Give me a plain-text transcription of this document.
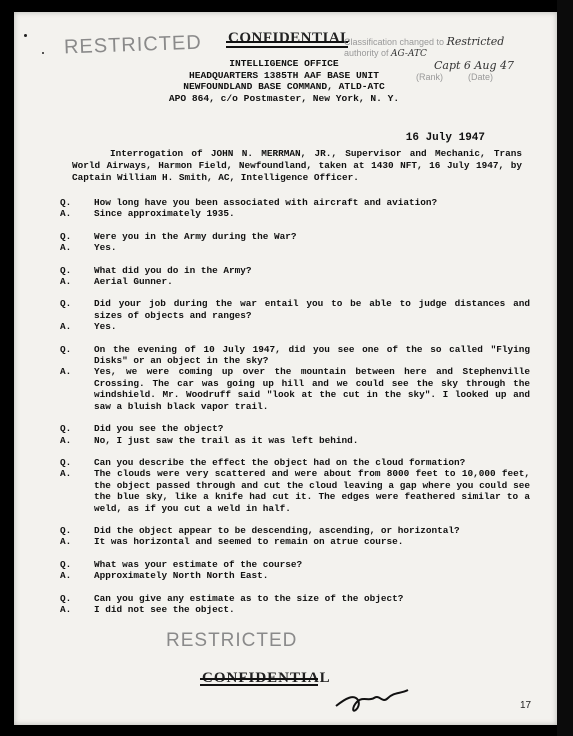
RESTRICTED CONFIDENTIAL
Classification changed to Restricted
authority of AG-ATC
Capt 6 Aug 47
(Rank)	(Date)
INTELLIGENCE OFFICE
HEADQUARTERS 1385TH AAF BASE UNIT
NEWFOUNDLAND BASE COMMAND, ATLD-ATC
APO 864, c/o Postmaster, New York, N. Y.
16 July 1947
Interrogation of JOHN N. MERRMAN, JR., Supervisor and Mechanic, Trans World Airways, Harmon Field, Newfoundland, taken at 1430 NFT, 16 July 1947, by Captain William H. Smith, AC, Intelligence Officer.
Q.	How long have you been associated with aircraft and aviation?
A.	Since approximately 1935.
Q.	Were you in the Army during the War?
A.	Yes.
Q.	What did you do in the Army?
A.	Aerial Gunner.
Q.	Did your job during the war entail you to be able to judge distances and sizes of objects and ranges?
A.	Yes.
Q.	On the evening of 10 July 1947, did you see one of the so called "Flying Disks" or an object in the sky?
A.	Yes, we were coming up over the mountain between here and Stephenville Crossing. The car was going up hill and we could see the sky through the windshield. Mr. Woodruff said "look at the cut in the sky". I looked up and saw a bluish black vapor trail.
Q.	Did you see the object?
A.	No, I just saw the trail as it was left behind.
Q.	Can you describe the effect the object had on the cloud formation?
A.	The clouds were very scattered and were about from 8000 feet to 10,000 feet, the object passed through and cut the cloud leaving a gap where you could see the blue sky, like a knife had cut it. The edges were feathered similar to a weld, as if you cut a weld in half.
Q.	Did the object appear to be descending, ascending, or horizontal?
A.	It was horizontal and seemed to remain on atrue course.
Q.	What was your estimate of the course?
A.	Approximately North North East.
Q.	Can you give any estimate as to the size of the object?
A.	I did not see the object.
RESTRICTED
CONFIDENTIAL
17
